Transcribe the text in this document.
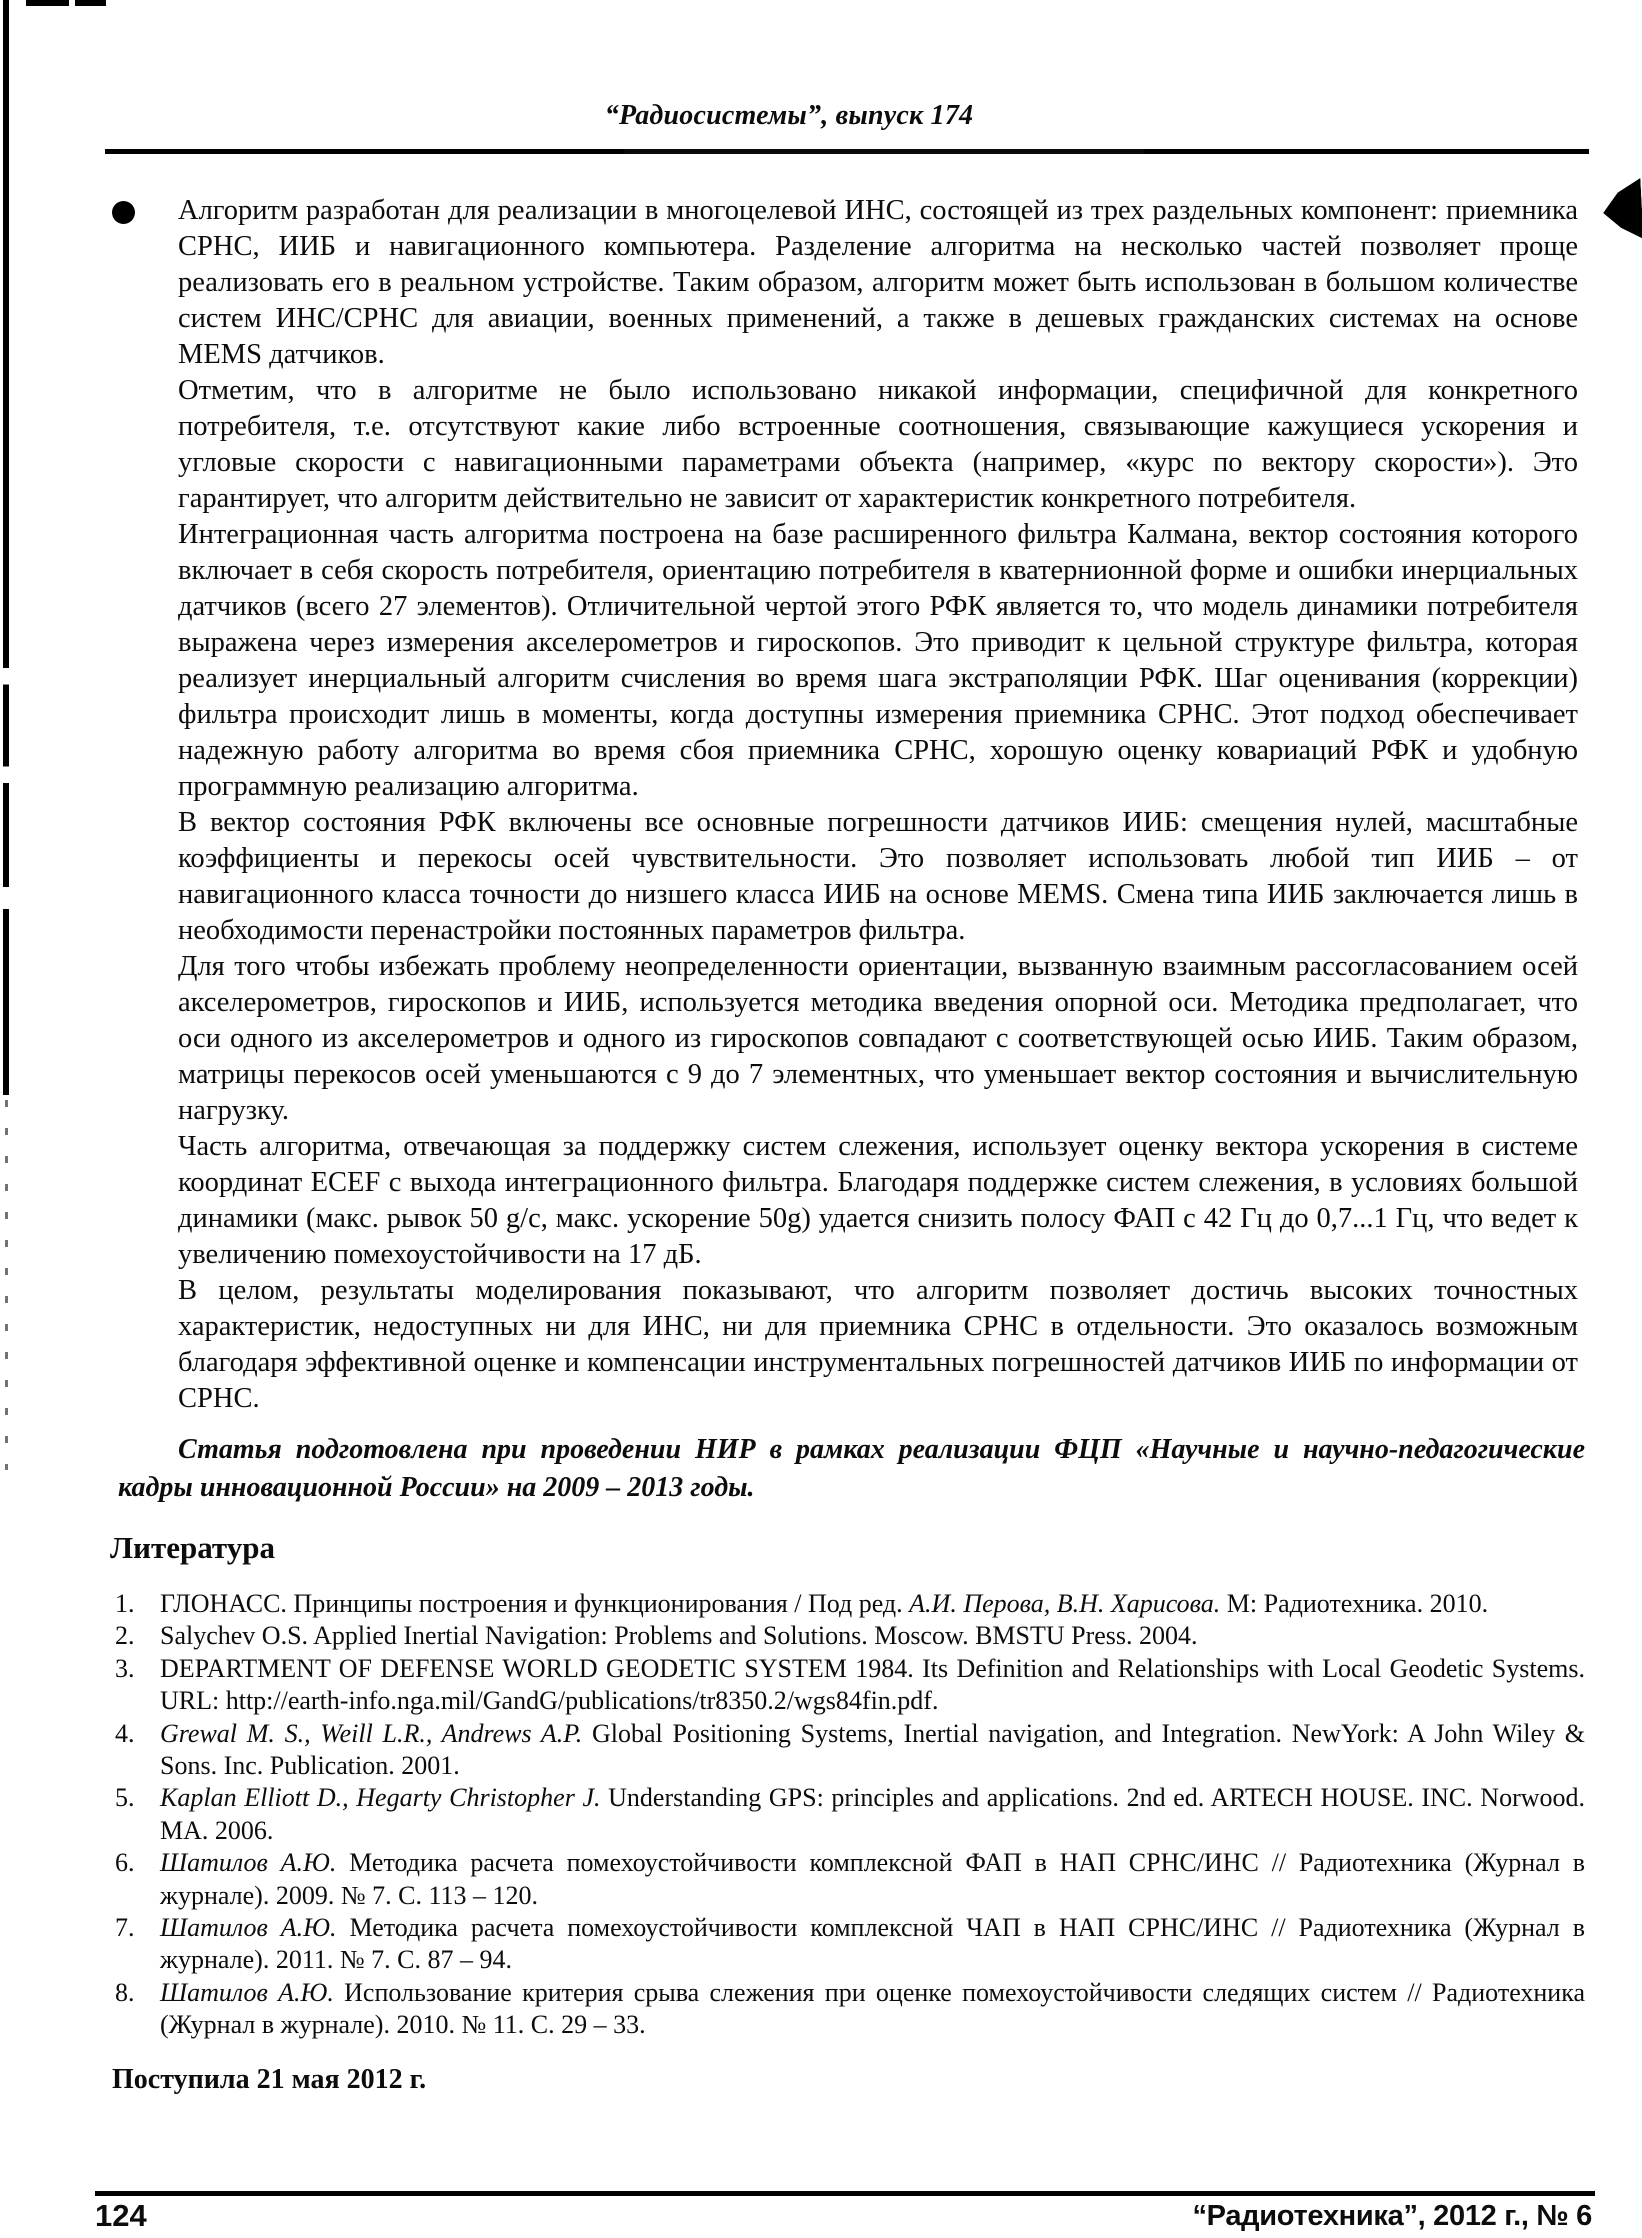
“Радиосистемы”, выпуск 174

Алгоритм разработан для реализации в многоцелевой ИНС, состоящей из трех раздельных компонент: приемника СРНС, ИИБ и навигационного компьютера. Разделение алгоритма на несколько частей позволяет проще реализовать его в реальном устройстве. Таким образом, алгоритм может быть использован в большом количестве систем ИНС/СРНС для авиации, военных применений, а также в дешевых гражданских системах на основе MEMS датчиков.

Отметим, что в алгоритме не было использовано никакой информации, специфичной для конкретного потребителя, т.е. отсутствуют какие либо встроенные соотношения, связывающие кажущиеся ускорения и угловые скорости с навигационными параметрами объекта (например, «курс по вектору скорости»). Это гарантирует, что алгоритм действительно не зависит от характеристик конкретного потребителя.

Интеграционная часть алгоритма построена на базе расширенного фильтра Калмана, вектор состояния которого включает в себя скорость потребителя, ориентацию потребителя в кватернионной форме и ошибки инерциальных датчиков (всего 27 элементов). Отличительной чертой этого РФК является то, что модель динамики потребителя выражена через измерения акселерометров и гироскопов. Это приводит к цельной структуре фильтра, которая реализует инерциальный алгоритм счисления во время шага экстраполяции РФК. Шаг оценивания (коррекции) фильтра происходит лишь в моменты, когда доступны измерения приемника СРНС. Этот подход обеспечивает надежную работу алгоритма во время сбоя приемника СРНС, хорошую оценку ковариаций РФК и удобную программную реализацию алгоритма.

В вектор состояния РФК включены все основные погрешности датчиков ИИБ: смещения нулей, масштабные коэффициенты и перекосы осей чувствительности. Это позволяет использовать любой тип ИИБ – от навигационного класса точности до низшего класса ИИБ на основе MEMS. Смена типа ИИБ заключается лишь в необходимости перенастройки постоянных параметров фильтра.

Для того чтобы избежать проблему неопределенности ориентации, вызванную взаимным рассогласованием осей акселерометров, гироскопов и ИИБ, используется методика введения опорной оси. Методика предполагает, что оси одного из акселерометров и одного из гироскопов совпадают с соответствующей осью ИИБ. Таким образом, матрицы перекосов осей уменьшаются с 9 до 7 элементных, что уменьшает вектор состояния и вычислительную нагрузку.

Часть алгоритма, отвечающая за поддержку систем слежения, использует оценку вектора ускорения в системе координат ECEF с выхода интеграционного фильтра. Благодаря поддержке систем слежения, в условиях большой динамики (макс. рывок 50 g/c, макс. ускорение 50g) удается снизить полосу ФАП с 42 Гц до 0,7...1 Гц, что ведет к увеличению помехоустойчивости на 17 дБ.

В целом, результаты моделирования показывают, что алгоритм позволяет достичь высоких точностных характеристик, недоступных ни для ИНС, ни для приемника СРНС в отдельности. Это оказалось возможным благодаря эффективной оценке и компенсации инструментальных погрешностей датчиков ИИБ по информации от СРНС.

Статья подготовлена при проведении НИР в рамках реализации ФЦП «Научные и научно-педагогические кадры инновационной России» на 2009 – 2013 годы.
Литература
1. ГЛОНАСС. Принципы построения и функционирования / Под ред. А.И. Перова, В.Н. Харисова. М: Радиотехника. 2010.
2. Salychev O.S. Applied Inertial Navigation: Problems and Solutions. Moscow. BMSTU Press. 2004.
3. DEPARTMENT OF DEFENSE WORLD GEODETIC SYSTEM 1984. Its Definition and Relationships with Local Geodetic Systems. URL: http://earth-info.nga.mil/GandG/publications/tr8350.2/wgs84fin.pdf.
4. Grewal M. S., Weill L.R., Andrews A.P. Global Positioning Systems, Inertial navigation, and Integration. NewYork: A John Wiley & Sons. Inc. Publication. 2001.
5. Kaplan Elliott D., Hegarty Christopher J. Understanding GPS: principles and applications. 2nd ed. ARTECH HOUSE. INC. Norwood. MA. 2006.
6. Шатилов А.Ю. Методика расчета помехоустойчивости комплексной ФАП в НАП СРНС/ИНС // Радиотехника (Журнал в журнале). 2009. № 7. С. 113 – 120.
7. Шатилов А.Ю. Методика расчета помехоустойчивости комплексной ЧАП в НАП СРНС/ИНС // Радиотехника (Журнал в журнале). 2011. № 7. С. 87 – 94.
8. Шатилов А.Ю. Использование критерия срыва слежения при оценке помехоустойчивости следящих систем // Радиотехника (Журнал в журнале). 2010. № 11. С. 29 – 33.
Поступила 21 мая 2012 г.
124	“Радиотехника”, 2012 г., № 6
